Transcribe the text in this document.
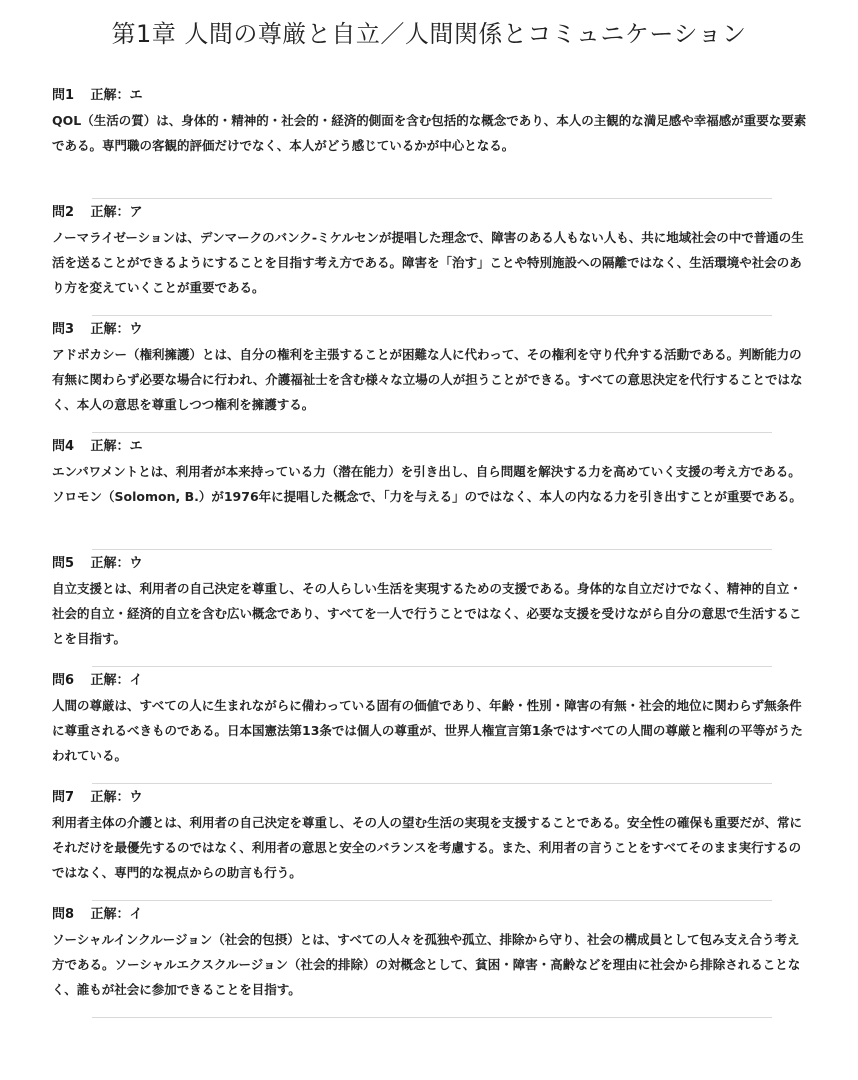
第1章 人間の尊厳と自立／人間関係とコミュニケーション
問1 正解：エ

QOL（生活の質）は、身体的・精神的・社会的・経済的側面を含む包括的な概念であり、本人の主観的な満足感や幸福感が重要な要素である。専門職の客観的評価だけでなく、本人がどう感じているかが中心となる。

問2 正解：ア

ノーマライゼーションは、デンマークのバンク-ミケルセンが提唱した理念で、障害のある人もない人も、共に地域社会の中で普通の生活を送ることができるようにすることを目指す考え方である。障害を「治す」ことや特別施設への隔離ではなく、生活環境や社会のあり方を変えていくことが重要である。

問3 正解：ウ

アドボカシー（権利擁護）とは、自分の権利を主張することが困難な人に代わって、その権利を守り代弁する活動である。判断能力の有無に関わらず必要な場合に行われ、介護福祉士を含む様々な立場の人が担うことができる。すべての意思決定を代行することではなく、本人の意思を尊重しつつ権利を擁護する。

問4 正解：エ

エンパワメントとは、利用者が本来持っている力（潜在能力）を引き出し、自ら問題を解決する力を高めていく支援の考え方である。ソロモン（Solomon, B.）が1976年に提唱した概念で、「力を与える」のではなく、本人の内なる力を引き出すことが重要である。

問5 正解：ウ

自立支援とは、利用者の自己決定を尊重し、その人らしい生活を実現するための支援である。身体的な自立だけでなく、精神的自立・社会的自立・経済的自立を含む広い概念であり、すべてを一人で行うことではなく、必要な支援を受けながら自分の意思で生活することを目指す。

問6 正解：イ

人間の尊厳は、すべての人に生まれながらに備わっている固有の価値であり、年齢・性別・障害の有無・社会的地位に関わらず無条件に尊重されるべきものである。日本国憲法第13条では個人の尊重が、世界人権宣言第1条ではすべての人間の尊厳と権利の平等がうたわれている。

問7 正解：ウ

利用者主体の介護とは、利用者の自己決定を尊重し、その人の望む生活の実現を支援することである。安全性の確保も重要だが、常にそれだけを最優先するのではなく、利用者の意思と安全のバランスを考慮する。また、利用者の言うことをすべてそのまま実行するのではなく、専門的な視点からの助言も行う。

問8 正解：イ

ソーシャルインクルージョン（社会的包摂）とは、すべての人々を孤独や孤立、排除から守り、社会の構成員として包み支え合う考え方である。ソーシャルエクスクルージョン（社会的排除）の対概念として、貧困・障害・高齢などを理由に社会から排除されることなく、誰もが社会に参加できることを目指す。
